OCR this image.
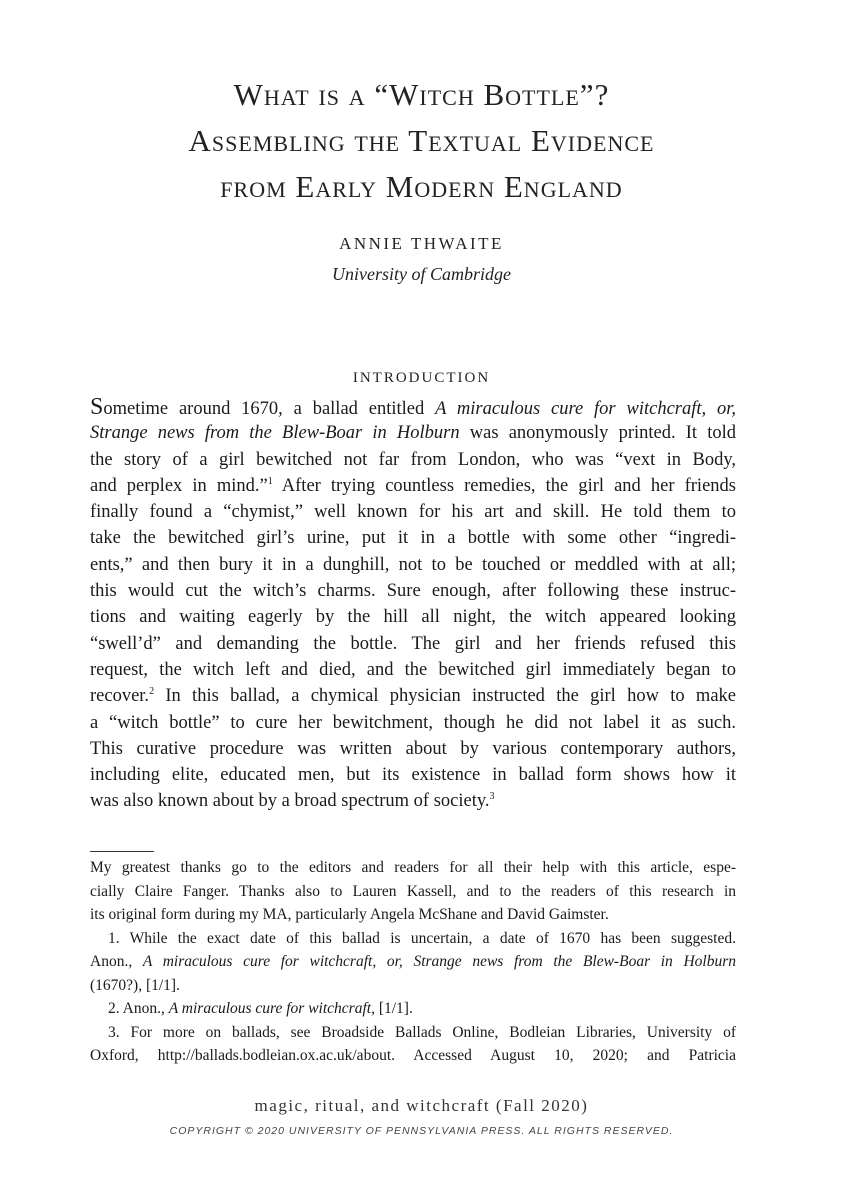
What is a “Witch Bottle”?
Assembling the Textual Evidence
from Early Modern England
ANNIE THWAITE
University of Cambridge
INTRODUCTION
Sometime around 1670, a ballad entitled A miraculous cure for witchcraft, or,
Strange news from the Blew-Boar in Holburn was anonymously printed. It told
the story of a girl bewitched not far from London, who was “vext in Body,
and perplex in mind.”$^1$ After trying countless remedies, the girl and her friends
finally found a “chymist,” well known for his art and skill. He told them to
take the bewitched girl’s urine, put it in a bottle with some other “ingredi-
ents,” and then bury it in a dunghill, not to be touched or meddled with at all;
this would cut the witch’s charms. Sure enough, after following these instruc-
tions and waiting eagerly by the hill all night, the witch appeared looking
“swell’d” and demanding the bottle. The girl and her friends refused this
request, the witch left and died, and the bewitched girl immediately began to
recover.$^2$ In this ballad, a chymical physician instructed the girl how to make
a “witch bottle” to cure her bewitchment, though he did not label it as such.
This curative procedure was written about by various contemporary authors,
including elite, educated men, but its existence in ballad form shows how it
was also known about by a broad spectrum of society.$^3$
My greatest thanks go to the editors and readers for all their help with this article, espe-
cially Claire Fanger. Thanks also to Lauren Kassell, and to the readers of this research in
its original form during my MA, particularly Angela McShane and David Gaimster.
1. While the exact date of this ballad is uncertain, a date of 1670 has been suggested.
Anon., A miraculous cure for witchcraft, or, Strange news from the Blew-Boar in Holburn
(1670?), [1/1].
2. Anon., A miraculous cure for witchcraft, [1/1].
3. For more on ballads, see Broadside Ballads Online, Bodleian Libraries, University of
Oxford, http://ballads.bodleian.ox.ac.uk/about. Accessed August 10, 2020; and Patricia
magic, ritual, and witchcraft (Fall 2020)
COPYRIGHT © 2020 UNIVERSITY OF PENNSYLVANIA PRESS. ALL RIGHTS RESERVED.
